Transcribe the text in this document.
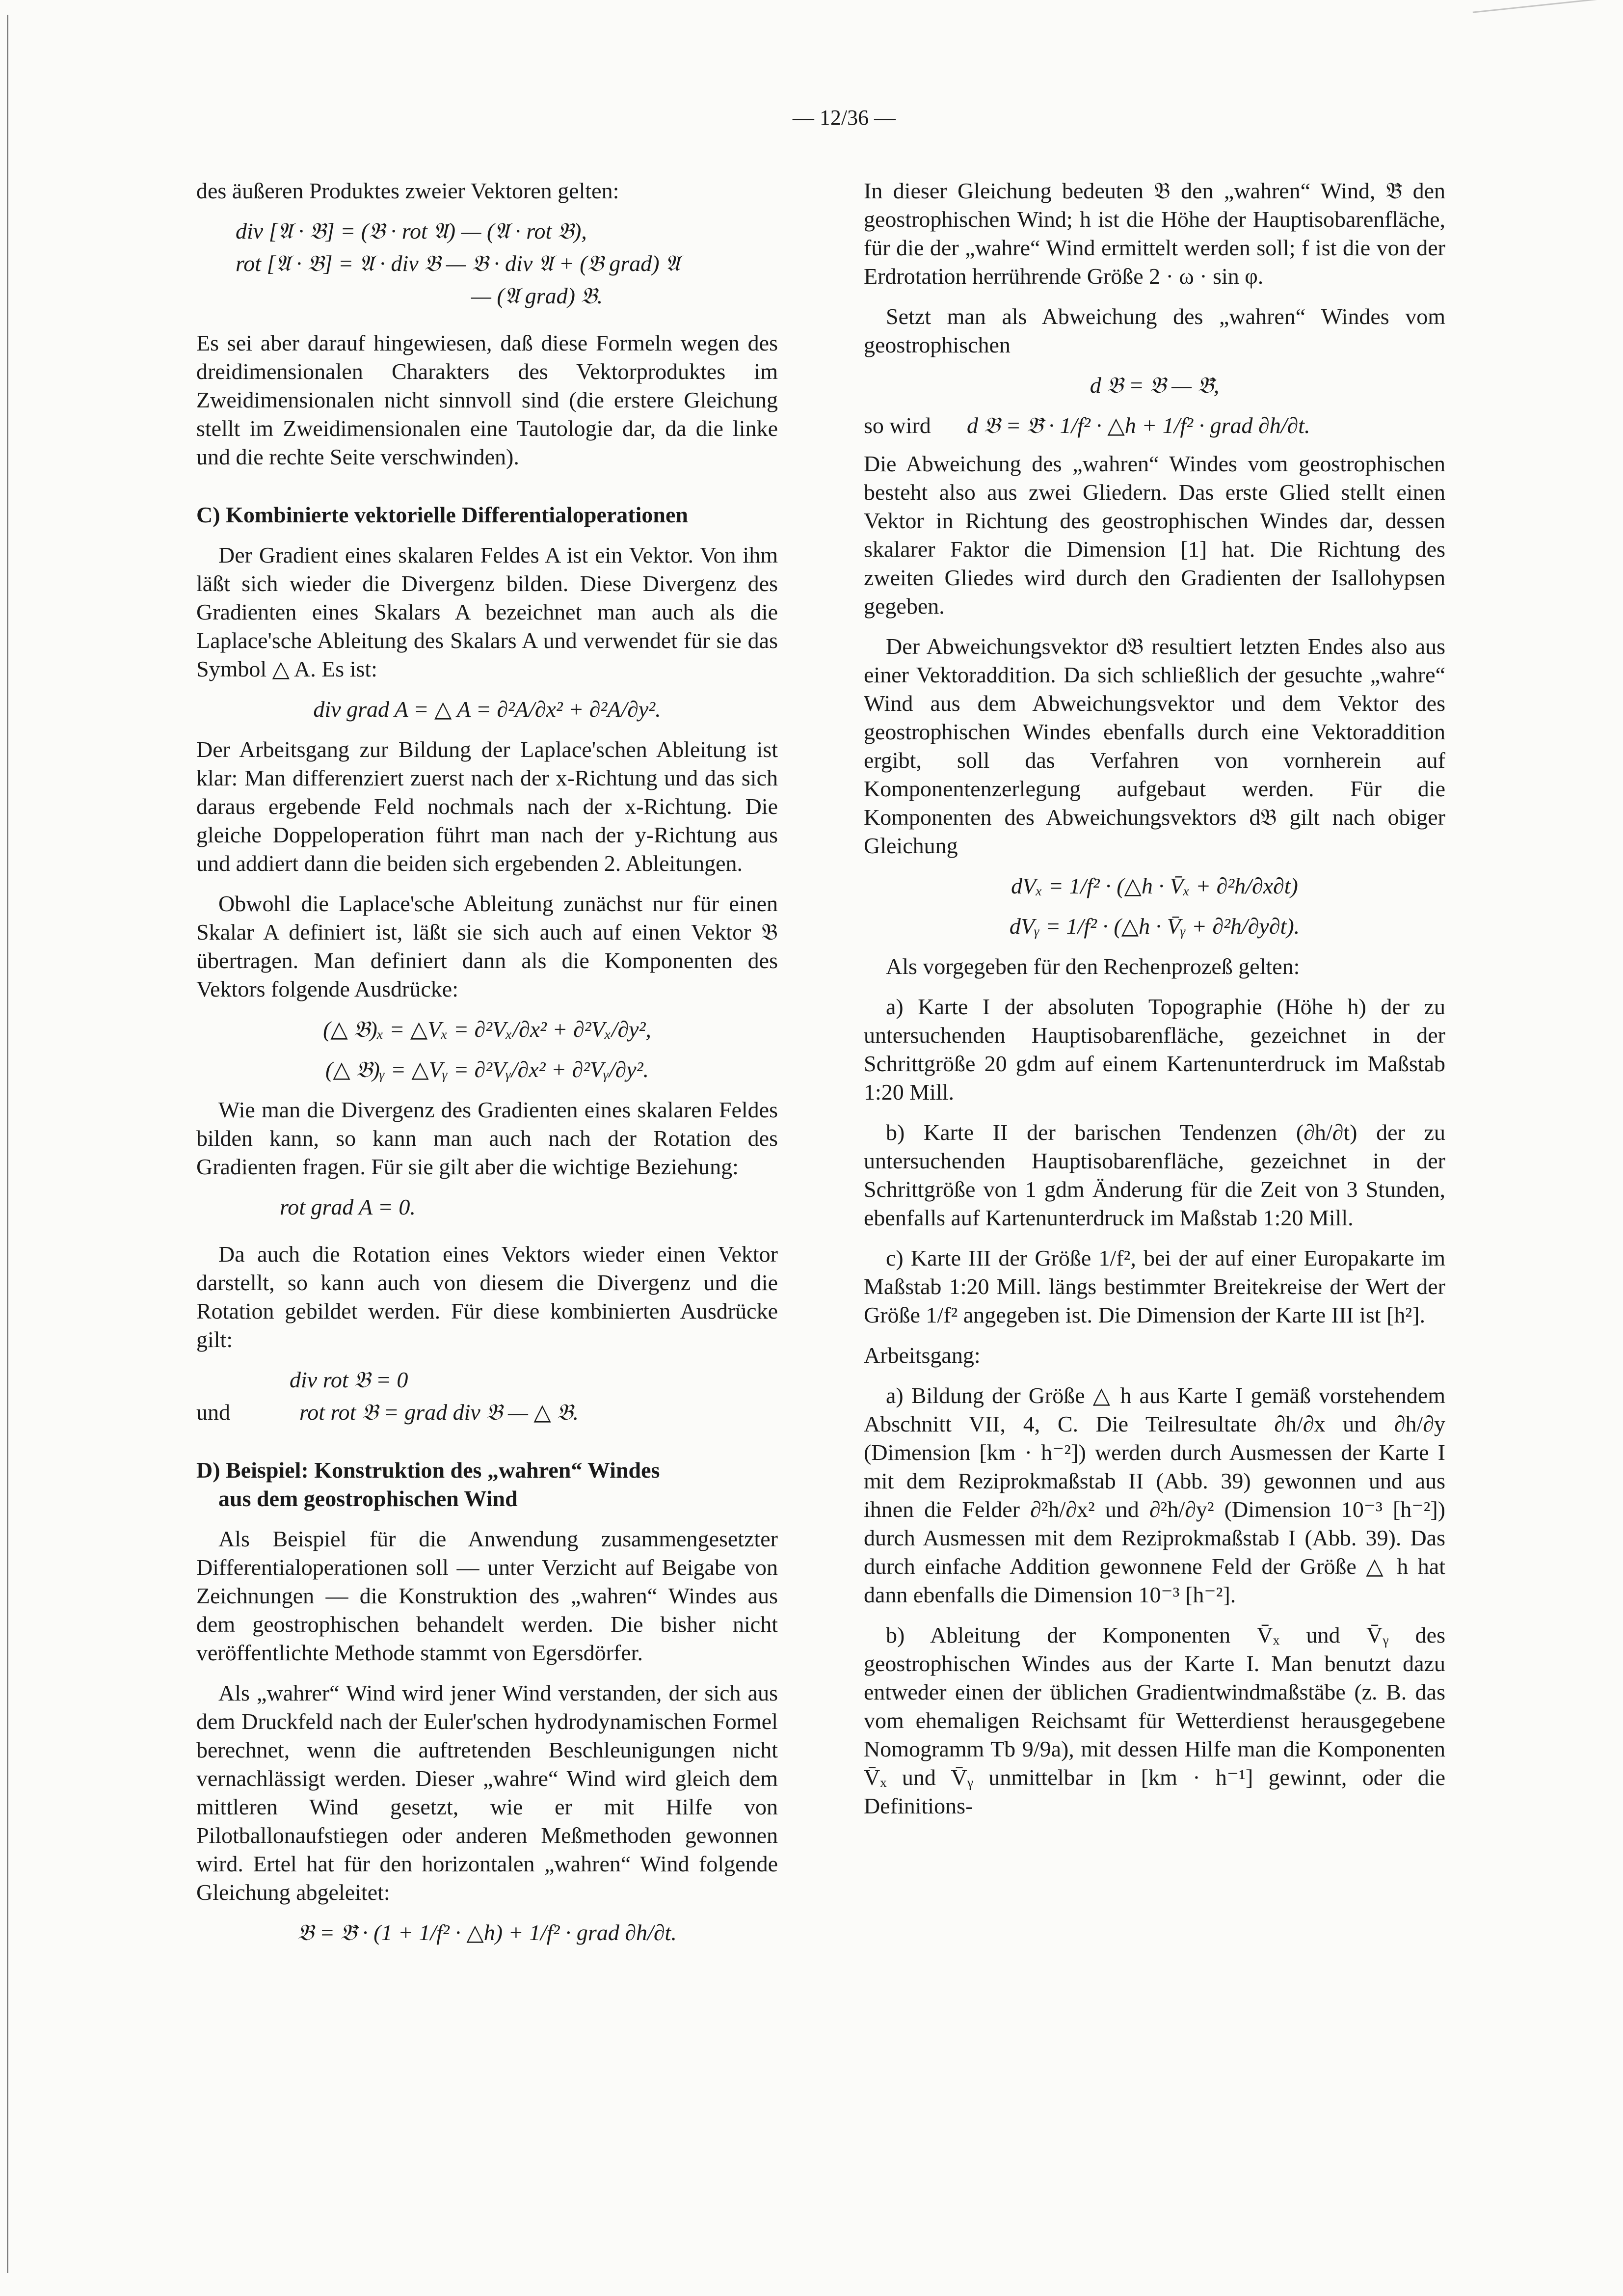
— 12/36 —

des äußeren Produktes zweier Vektoren gelten:

div [𝔄 · 𝔅] = (𝔅 · rot 𝔄) — (𝔄 · rot 𝔅),
rot [𝔄 · 𝔅] = 𝔄 · div 𝔅 — 𝔅 · div 𝔄 + (𝔅 grad) 𝔄
— (𝔄 grad) 𝔅.

Es sei aber darauf hingewiesen, daß diese Formeln wegen des dreidimensionalen Charakters des Vektorproduktes im Zweidimensionalen nicht sinnvoll sind (die erstere Gleichung stellt im Zweidimensionalen eine Tautologie dar, da die linke und die rechte Seite verschwinden).

C) Kombinierte vektorielle Differentialoperationen

Der Gradient eines skalaren Feldes A ist ein Vektor. Von ihm läßt sich wieder die Divergenz bilden. Diese Divergenz des Gradienten eines Skalars A bezeichnet man auch als die Laplace'sche Ableitung des Skalars A und verwendet für sie das Symbol △ A. Es ist:

div grad A = △ A = ∂²A/∂x² + ∂²A/∂y².

Der Arbeitsgang zur Bildung der Laplace'schen Ableitung ist klar: Man differenziert zuerst nach der x-Richtung und das sich daraus ergebende Feld nochmals nach der x-Richtung. Die gleiche Doppeloperation führt man nach der y-Richtung aus und addiert dann die beiden sich ergebenden 2. Ableitungen.

Obwohl die Laplace'sche Ableitung zunächst nur für einen Skalar A definiert ist, läßt sie sich auch auf einen Vektor 𝔅 übertragen. Man definiert dann als die Komponenten des Vektors folgende Ausdrücke:

(△ 𝔅)ₓ = △Vₓ = ∂²Vₓ/∂x² + ∂²Vₓ/∂y²,
(△ 𝔅)ᵧ = △Vᵧ = ∂²Vᵧ/∂x² + ∂²Vᵧ/∂y².

Wie man die Divergenz des Gradienten eines skalaren Feldes bilden kann, so kann man auch nach der Rotation des Gradienten fragen. Für sie gilt aber die wichtige Beziehung:

rot grad A = 0.

Da auch die Rotation eines Vektors wieder einen Vektor darstellt, so kann auch von diesem die Divergenz und die Rotation gebildet werden. Für diese kombinierten Ausdrücke gilt:

div rot 𝔅 = 0
und	rot rot 𝔅 = grad div 𝔅 — △ 𝔅.
D) Beispiel: Konstruktion des „wahren“ Windes
aus dem geostrophischen Wind

Als Beispiel für die Anwendung zusammengesetzter Differentialoperationen soll — unter Verzicht auf Beigabe von Zeichnungen — die Konstruktion des „wahren“ Windes aus dem geostrophischen behandelt werden. Die bisher nicht veröffentlichte Methode stammt von Egersdörfer.

Als „wahrer“ Wind wird jener Wind verstanden, der sich aus dem Druckfeld nach der Euler'schen hydrodynamischen Formel berechnet, wenn die auftretenden Beschleunigungen nicht vernachlässigt werden. Dieser „wahre“ Wind wird gleich dem mittleren Wind gesetzt, wie er mit Hilfe von Pilotballonaufstiegen oder anderen Meßmethoden gewonnen wird. Ertel hat für den horizontalen „wahren“ Wind folgende Gleichung abgeleitet:

𝔅 = 𝔅̄ · (1 + 1/f² · △h) + 1/f² · grad ∂h/∂t.

In dieser Gleichung bedeuten 𝔅 den „wahren“ Wind, 𝔅̄ den geostrophischen Wind; h ist die Höhe der Hauptisobarenfläche, für die der „wahre“ Wind ermittelt werden soll; f ist die von der Erdrotation herrührende Größe 2 · ω · sin φ.

Setzt man als Abweichung des „wahren“ Windes vom geostrophischen

d 𝔅 = 𝔅 — 𝔅̄,
so wird	d 𝔅 = 𝔅̄ · 1/f² · △h + 1/f² · grad ∂h/∂t.

Die Abweichung des „wahren“ Windes vom geostrophischen besteht also aus zwei Gliedern. Das erste Glied stellt einen Vektor in Richtung des geostrophischen Windes dar, dessen skalarer Faktor die Dimension [1] hat. Die Richtung des zweiten Gliedes wird durch den Gradienten der Isallohypsen gegeben.

Der Abweichungsvektor d𝔅 resultiert letzten Endes also aus einer Vektoraddition. Da sich schließlich der gesuchte „wahre“ Wind aus dem Abweichungsvektor und dem Vektor des geostrophischen Windes ebenfalls durch eine Vektoraddition ergibt, soll das Verfahren von vornherein auf Komponentenzerlegung aufgebaut werden. Für die Komponenten des Abweichungsvektors d𝔅 gilt nach obiger Gleichung

dVₓ = 1/f² · (△h · V̄ₓ + ∂²h/∂x∂t)
dVᵧ = 1/f² · (△h · V̄ᵧ + ∂²h/∂y∂t).

Als vorgegeben für den Rechenprozeß gelten:

a) Karte I der absoluten Topographie (Höhe h) der zu untersuchenden Hauptisobarenfläche, gezeichnet in der Schrittgröße 20 gdm auf einem Kartenunterdruck im Maßstab 1:20 Mill.

b) Karte II der barischen Tendenzen (∂h/∂t) der zu untersuchenden Hauptisobarenfläche, gezeichnet in der Schrittgröße von 1 gdm Änderung für die Zeit von 3 Stunden, ebenfalls auf Kartenunterdruck im Maßstab 1:20 Mill.

c) Karte III der Größe 1/f², bei der auf einer Europakarte im Maßstab 1:20 Mill. längs bestimmter Breitekreise der Wert der Größe 1/f² angegeben ist. Die Dimension der Karte III ist [h²].

Arbeitsgang:

a) Bildung der Größe △ h aus Karte I gemäß vorstehendem Abschnitt VII, 4, C. Die Teilresultate ∂h/∂x und ∂h/∂y (Dimension [km · h⁻²]) werden durch Ausmessen der Karte I mit dem Reziprokmaßstab II (Abb. 39) gewonnen und aus ihnen die Felder ∂²h/∂x² und ∂²h/∂y² (Dimension 10⁻³ [h⁻²]) durch Ausmessen mit dem Reziprokmaßstab I (Abb. 39). Das durch einfache Addition gewonnene Feld der Größe △ h hat dann ebenfalls die Dimension 10⁻³ [h⁻²].

b) Ableitung der Komponenten V̄ₓ und V̄ᵧ des geostrophischen Windes aus der Karte I. Man benutzt dazu entweder einen der üblichen Gradientwindmaßstäbe (z. B. das vom ehemaligen Reichsamt für Wetterdienst herausgegebene Nomogramm Tb 9/9a), mit dessen Hilfe man die Komponenten V̄ₓ und V̄ᵧ unmittelbar in [km · h⁻¹] gewinnt, oder die Definitions-
